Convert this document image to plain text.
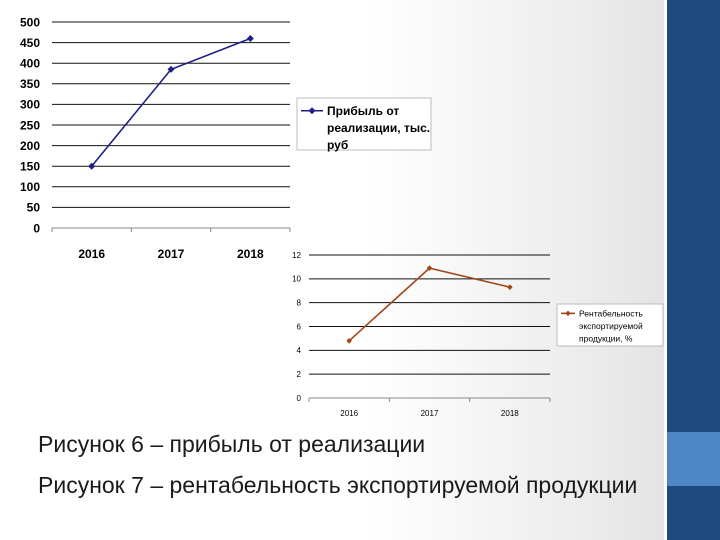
0
50
100
150
200
250
300
350
400
450
500
2016	2017	2018
Прибыль от
реализации, тыс.
руб
0
2
4
6
8
10
12
2016	2017	2018
Рентабельность
экспортируемой
продукции, %
Рисунок 6 – прибыль от реализации
Рисунок 7 – рентабельность экспортируемой продукции
